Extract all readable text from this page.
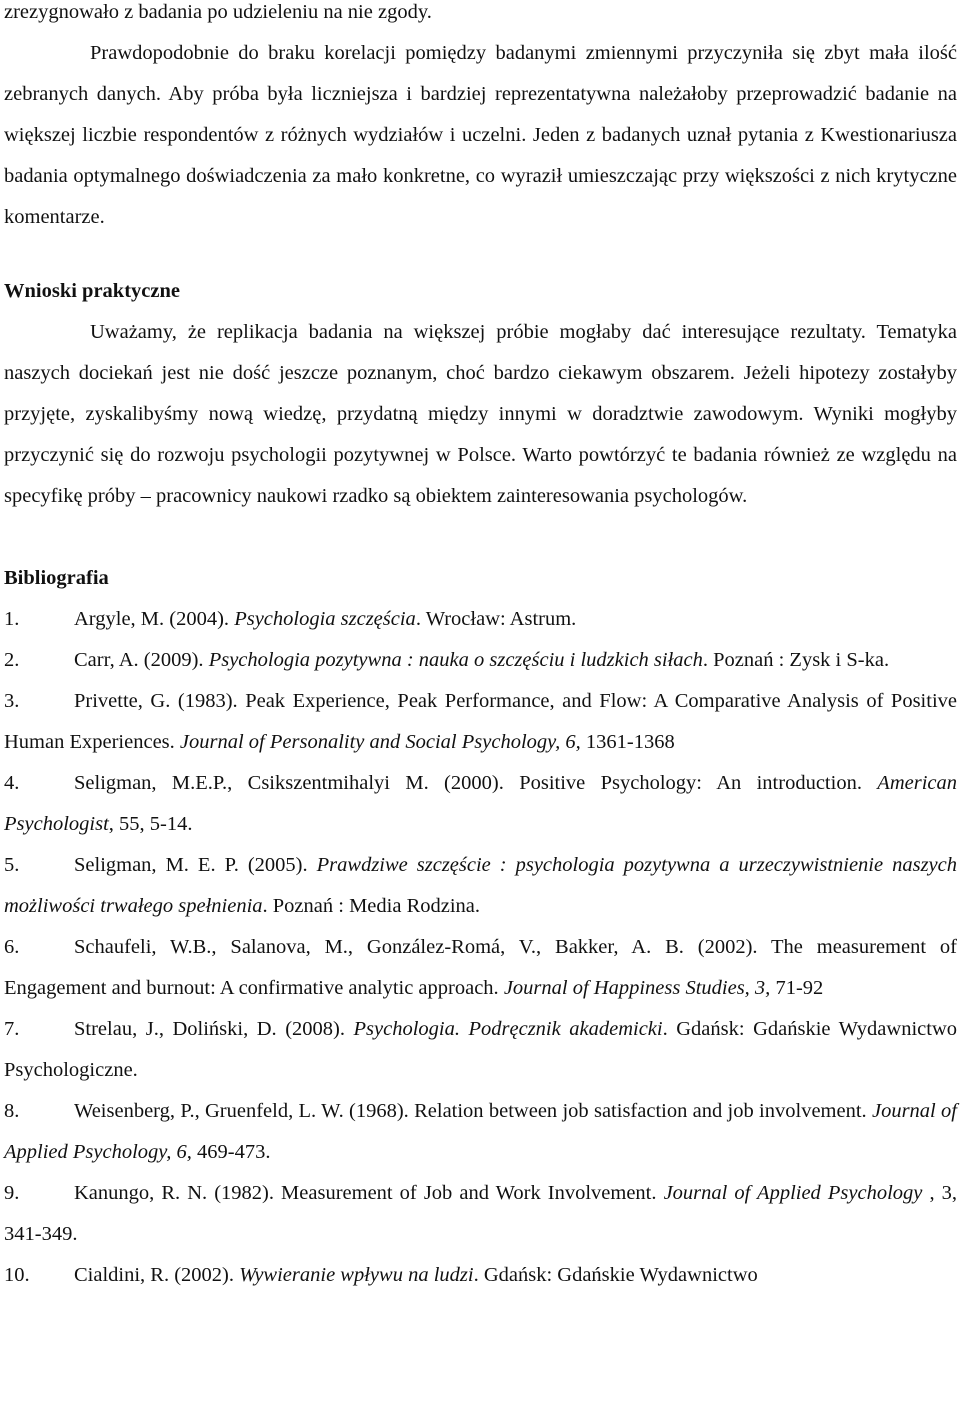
zrezygnowało z badania po udzieleniu na nie zgody.

Prawdopodobnie do braku korelacji pomiędzy badanymi zmiennymi przyczyniła się zbyt mała ilość zebranych danych. Aby próba była liczniejsza i bardziej reprezentatywna należałoby przeprowadzić badanie na większej liczbie respondentów z różnych wydziałów i uczelni. Jeden z badanych uznał pytania z Kwestionariusza badania optymalnego doświadczenia za mało konkretne, co wyraził umieszczając przy większości z nich krytyczne komentarze.

Wnioski praktyczne

Uważamy, że replikacja badania na większej próbie mogłaby dać interesujące rezultaty. Tematyka naszych dociekań jest nie dość jeszcze poznanym, choć bardzo ciekawym obszarem. Jeżeli hipotezy zostałyby przyjęte, zyskalibyśmy nową wiedzę, przydatną między innymi w doradztwie zawodowym. Wyniki mogłyby przyczynić się do rozwoju psychologii pozytywnej w Polsce. Warto powtórzyć te badania również ze względu na specyfikę próby – pracownicy naukowi rzadko są obiektem zainteresowania psychologów.

Bibliografia

1.	Argyle, M. (2004). Psychologia szczęścia. Wrocław: Astrum.

2.	Carr, A. (2009). Psychologia pozytywna : nauka o szczęściu i ludzkich siłach. Poznań : Zysk i S-ka.

3.	Privette, G. (1983). Peak Experience, Peak Performance, and Flow: A Comparative Analysis of Positive Human Experiences. Journal of Personality and Social Psychology, 6, 1361-1368

4.	Seligman, M.E.P., Csikszentmihalyi M. (2000). Positive Psychology: An introduction. American Psychologist, 55, 5-14.

5.	Seligman, M. E. P. (2005). Prawdziwe szczęście : psychologia pozytywna a urzeczywistnienie naszych możliwości trwałego spełnienia. Poznań : Media Rodzina.

6.	Schaufeli, W.B., Salanova, M., González-Romá, V., Bakker, A. B. (2002). The measurement of Engagement and burnout: A confirmative analytic approach. Journal of Happiness Studies, 3, 71-92

7.	Strelau, J., Doliński, D. (2008). Psychologia. Podręcznik akademicki. Gdańsk: Gdańskie Wydawnictwo Psychologiczne.

8.	Weisenberg, P., Gruenfeld, L. W. (1968). Relation between job satisfaction and job involvement. Journal of Applied Psychology, 6, 469-473.

9.	Kanungo, R. N. (1982). Measurement of Job and Work Involvement. Journal of Applied Psychology , 3, 341-349.

10. Cialdini, R. (2002). Wywieranie wpływu na ludzi. Gdańsk: Gdańskie Wydawnictwo
